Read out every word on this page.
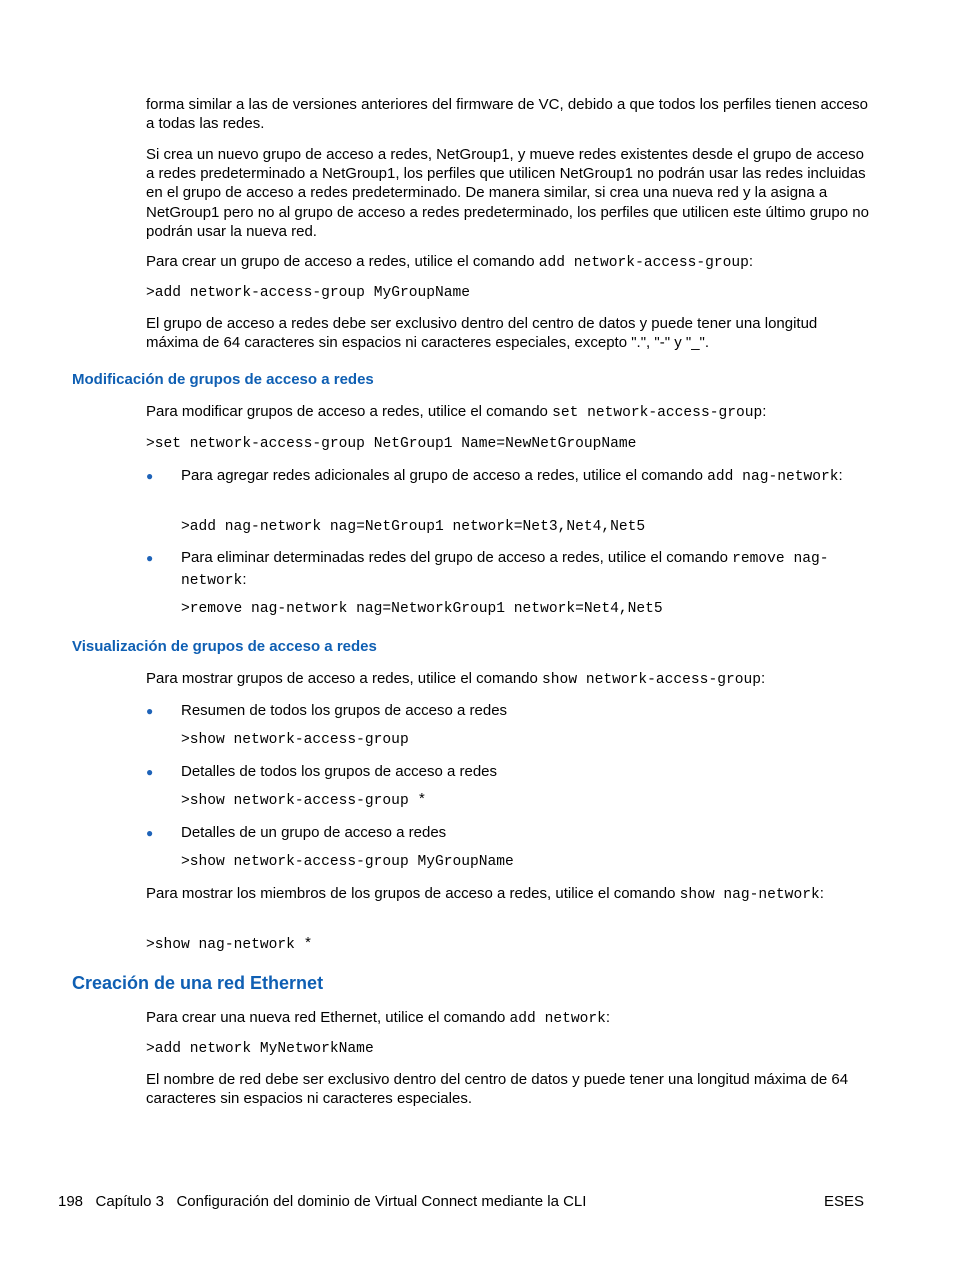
forma similar a las de versiones anteriores del firmware de VC, debido a que todos los perfiles tienen acceso a todas las redes.

Si crea un nuevo grupo de acceso a redes, NetGroup1, y mueve redes existentes desde el grupo de acceso a redes predeterminado a NetGroup1, los perfiles que utilicen NetGroup1 no podrán usar las redes incluidas en el grupo de acceso a redes predeterminado. De manera similar, si crea una nueva red y la asigna a NetGroup1 pero no al grupo de acceso a redes predeterminado, los perfiles que utilicen este último grupo no podrán usar la nueva red.

Para crear un grupo de acceso a redes, utilice el comando add network-access-group:

>add network-access-group MyGroupName

El grupo de acceso a redes debe ser exclusivo dentro del centro de datos y puede tener una longitud máxima de 64 caracteres sin espacios ni caracteres especiales, excepto ".", "-" y "_".

Modificación de grupos de acceso a redes

Para modificar grupos de acceso a redes, utilice el comando set network-access-group:

>set network-access-group NetGroup1 Name=NewNetGroupName
● Para agregar redes adicionales al grupo de acceso a redes, utilice el comando add nag-network:

>add nag-network nag=NetGroup1 network=Net3,Net4,Net5
● Para eliminar determinadas redes del grupo de acceso a redes, utilice el comando remove nag-network:

>remove nag-network nag=NetworkGroup1 network=Net4,Net5
Visualización de grupos de acceso a redes

Para mostrar grupos de acceso a redes, utilice el comando show network-access-group:

● Resumen de todos los grupos de acceso a redes

>show network-access-group
● Detalles de todos los grupos de acceso a redes

>show network-access-group *
● Detalles de un grupo de acceso a redes

>show network-access-group MyGroupName

Para mostrar los miembros de los grupos de acceso a redes, utilice el comando show nag-network:

>show nag-network *
Creación de una red Ethernet

Para crear una nueva red Ethernet, utilice el comando add network:

>add network MyNetworkName

El nombre de red debe ser exclusivo dentro del centro de datos y puede tener una longitud máxima de 64 caracteres sin espacios ni caracteres especiales.

198 Capítulo 3 Configuración del dominio de Virtual Connect mediante la CLI	ESES
